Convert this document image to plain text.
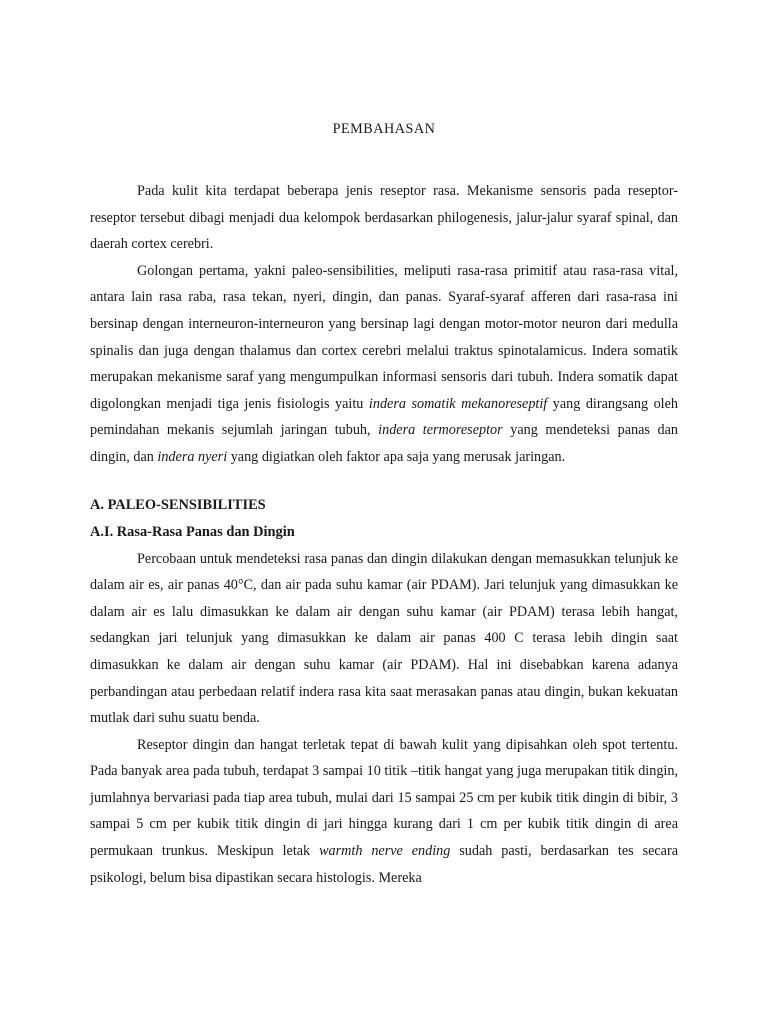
PEMBAHASAN

Pada kulit kita terdapat beberapa jenis reseptor rasa. Mekanisme sensoris pada reseptor-reseptor tersebut dibagi menjadi dua kelompok berdasarkan philogenesis, jalur-jalur syaraf spinal, dan daerah cortex cerebri.

Golongan pertama, yakni paleo-sensibilities, meliputi rasa-rasa primitif atau rasa-rasa vital, antara lain rasa raba, rasa tekan, nyeri, dingin, dan panas. Syaraf-syaraf afferen dari rasa-rasa ini bersinap dengan interneuron-interneuron yang bersinap lagi dengan motor-motor neuron dari medulla spinalis dan juga dengan thalamus dan cortex cerebri melalui traktus spinotalamicus. Indera somatik merupakan mekanisme saraf yang mengumpulkan informasi sensoris dari tubuh. Indera somatik dapat digolongkan menjadi tiga jenis fisiologis yaitu indera somatik mekanoreseptif yang dirangsang oleh pemindahan mekanis sejumlah jaringan tubuh, indera termoreseptor yang mendeteksi panas dan dingin, dan indera nyeri yang digiatkan oleh faktor apa saja yang merusak jaringan.

A. PALEO-SENSIBILITIES
A.I. Rasa-Rasa Panas dan Dingin

Percobaan untuk mendeteksi rasa panas dan dingin dilakukan dengan memasukkan telunjuk ke dalam air es, air panas 40°C, dan air pada suhu kamar (air PDAM). Jari telunjuk yang dimasukkan ke dalam air es lalu dimasukkan ke dalam air dengan suhu kamar (air PDAM) terasa lebih hangat, sedangkan jari telunjuk yang dimasukkan ke dalam air panas 400 C terasa lebih dingin saat dimasukkan ke dalam air dengan suhu kamar (air PDAM). Hal ini disebabkan karena adanya perbandingan atau perbedaan relatif indera rasa kita saat merasakan panas atau dingin, bukan kekuatan mutlak dari suhu suatu benda.

Reseptor dingin dan hangat terletak tepat di bawah kulit yang dipisahkan oleh spot tertentu. Pada banyak area pada tubuh, terdapat 3 sampai 10 titik –titik hangat yang juga merupakan titik dingin, jumlahnya bervariasi pada tiap area tubuh, mulai dari 15 sampai 25 cm per kubik titik dingin di bibir, 3 sampai 5 cm per kubik titik dingin di jari hingga kurang dari 1 cm per kubik titik dingin di area permukaan trunkus. Meskipun letak warmth nerve ending sudah pasti, berdasarkan tes secara psikologi, belum bisa dipastikan secara histologis. Mereka
